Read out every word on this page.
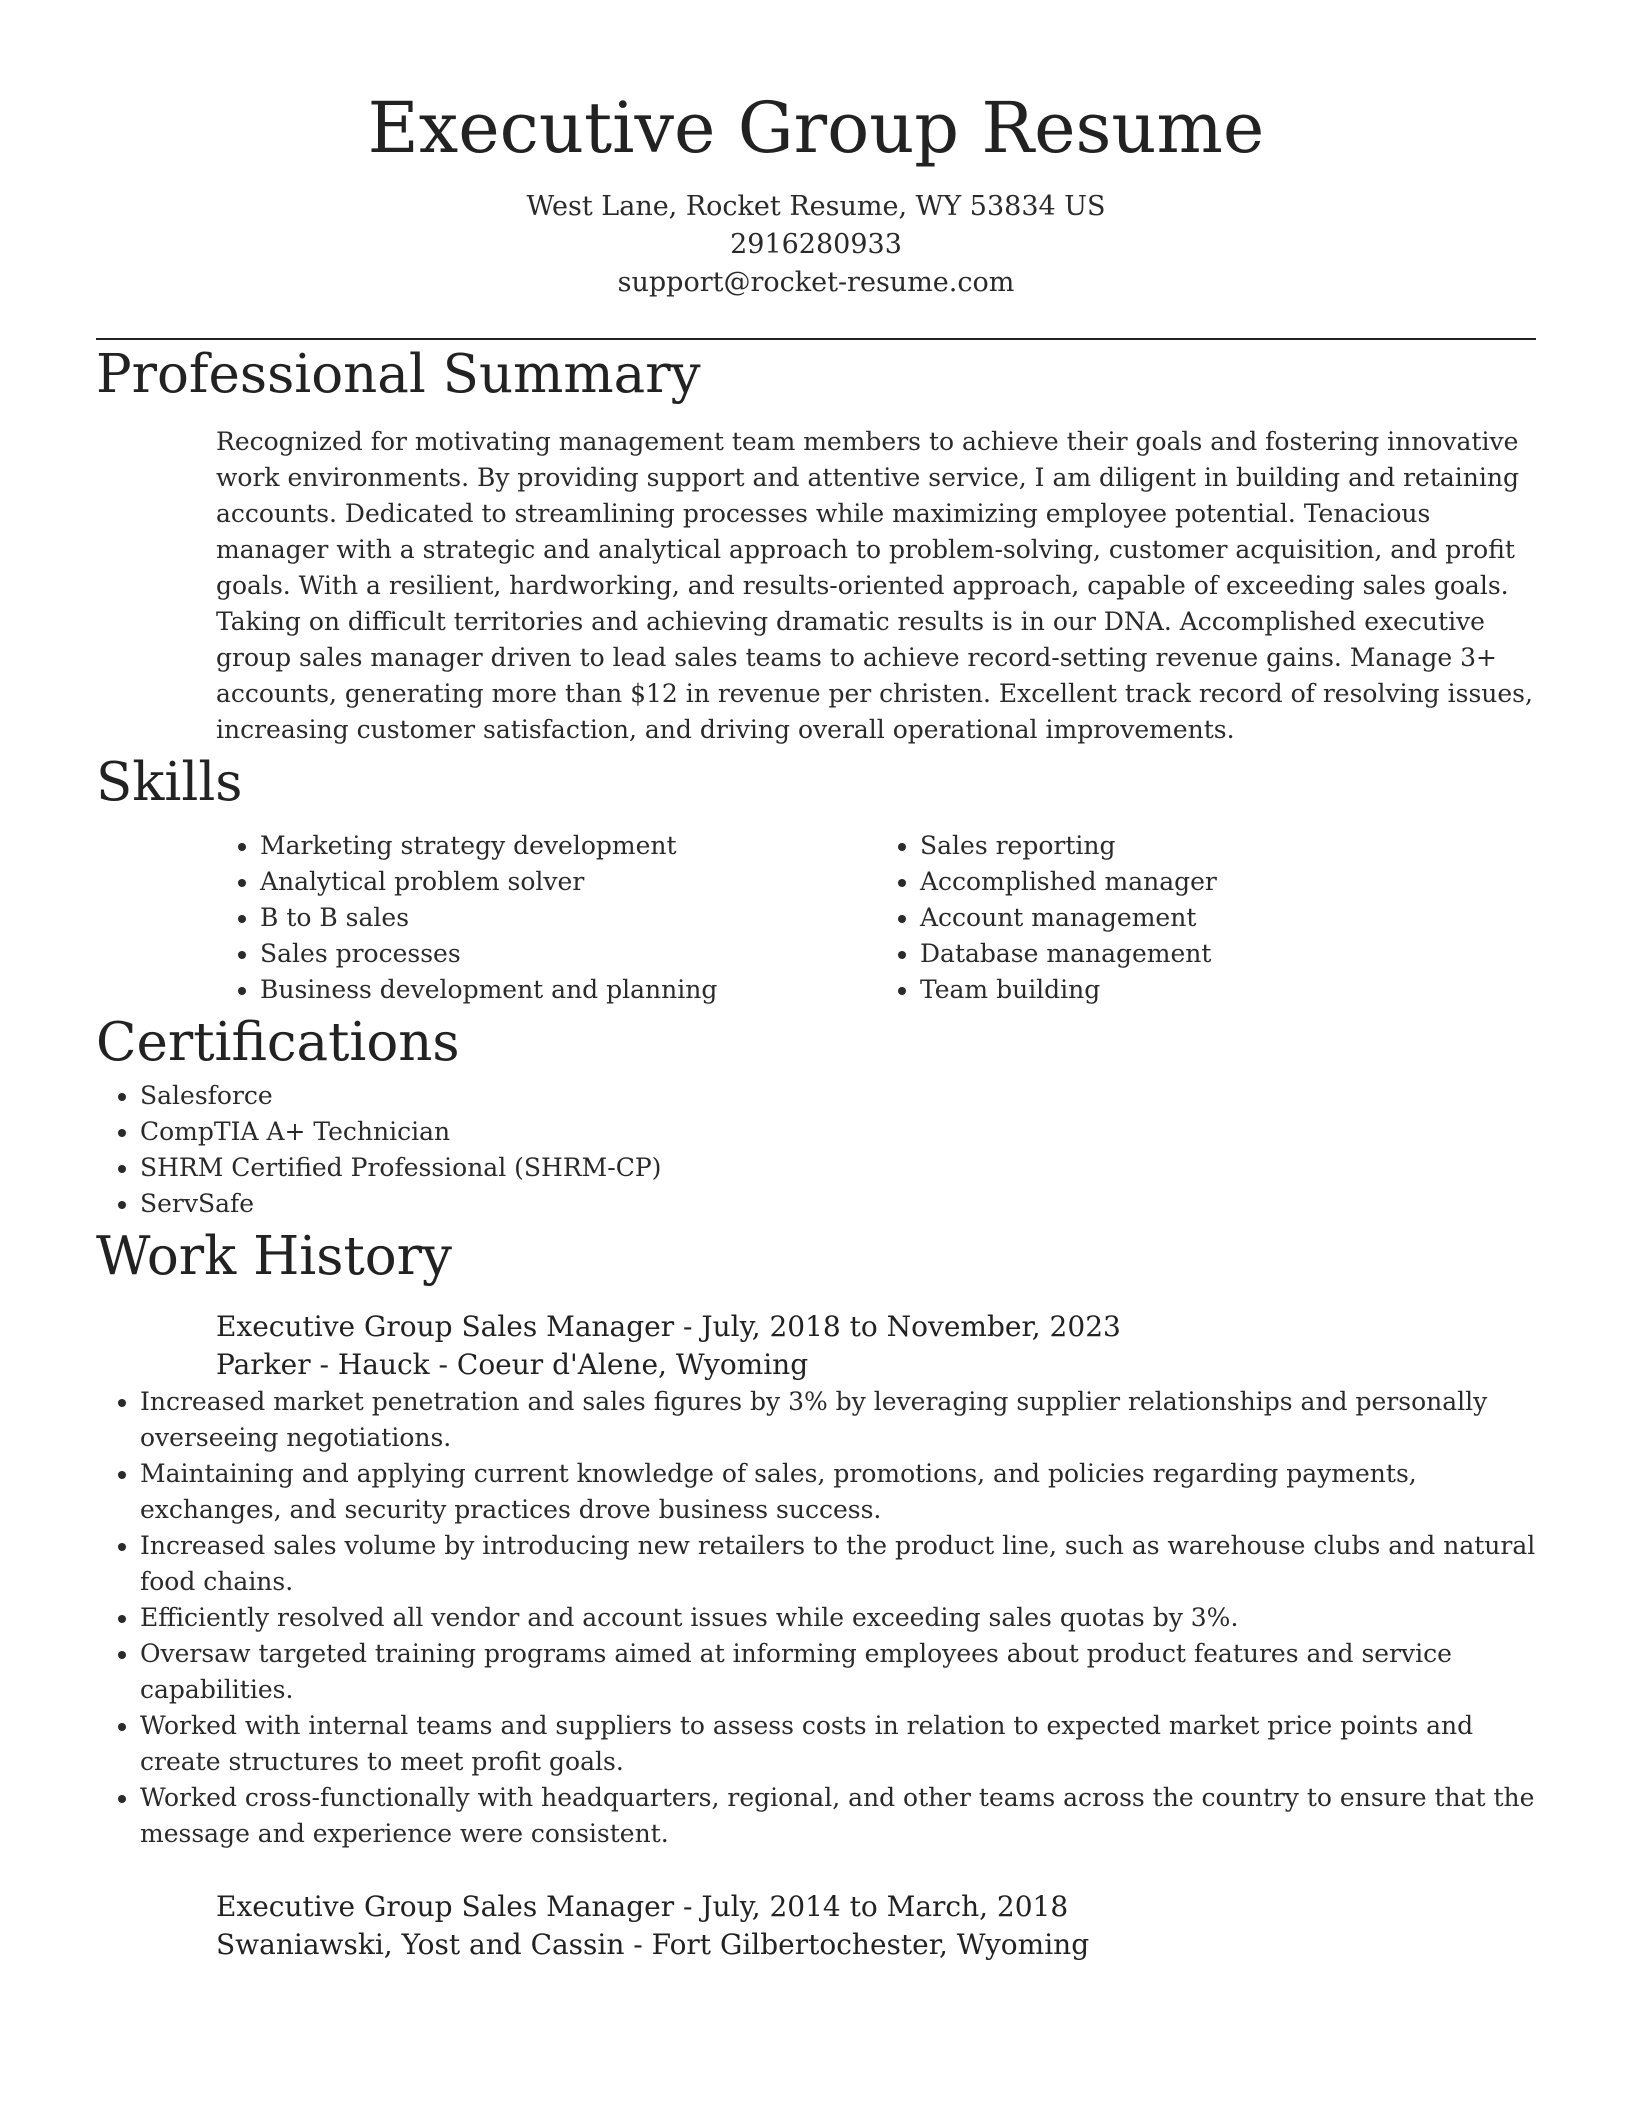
Executive Group Resume
West Lane, Rocket Resume, WY 53834 US
2916280933
support@rocket-resume.com
Professional Summary

Recognized for motivating management team members to achieve their goals and fostering innovative work environments. By providing support and attentive service, I am diligent in building and retaining accounts. Dedicated to streamlining processes while maximizing employee potential. Tenacious manager with a strategic and analytical approach to problem-solving, customer acquisition, and profit goals. With a resilient, hardworking, and results-oriented approach, capable of exceeding sales goals. Taking on difficult territories and achieving dramatic results is in our DNA. Accomplished executive group sales manager driven to lead sales teams to achieve record-setting revenue gains. Manage 3+ accounts, generating more than $12 in revenue per christen. Excellent track record of resolving issues, increasing customer satisfaction, and driving overall operational improvements.

Skills
• Marketing strategy development
• Analytical problem solver
• B to B sales
• Sales processes
• Business development and planning
• Sales reporting
• Accomplished manager
• Account management
• Database management
• Team building
Certifications
• Salesforce
• CompTIA A+ Technician
• SHRM Certified Professional (SHRM-CP)
• ServSafe
Work History
Executive Group Sales Manager - July, 2018 to November, 2023
Parker - Hauck - Coeur d'Alene, Wyoming
• Increased market penetration and sales figures by 3% by leveraging supplier relationships and personally overseeing negotiations.
• Maintaining and applying current knowledge of sales, promotions, and policies regarding payments, exchanges, and security practices drove business success.
• Increased sales volume by introducing new retailers to the product line, such as warehouse clubs and natural food chains.
• Efficiently resolved all vendor and account issues while exceeding sales quotas by 3%.
• Oversaw targeted training programs aimed at informing employees about product features and service capabilities.
• Worked with internal teams and suppliers to assess costs in relation to expected market price points and create structures to meet profit goals.
• Worked cross-functionally with headquarters, regional, and other teams across the country to ensure that the message and experience were consistent.
Executive Group Sales Manager - July, 2014 to March, 2018
Swaniawski, Yost and Cassin - Fort Gilbertochester, Wyoming
